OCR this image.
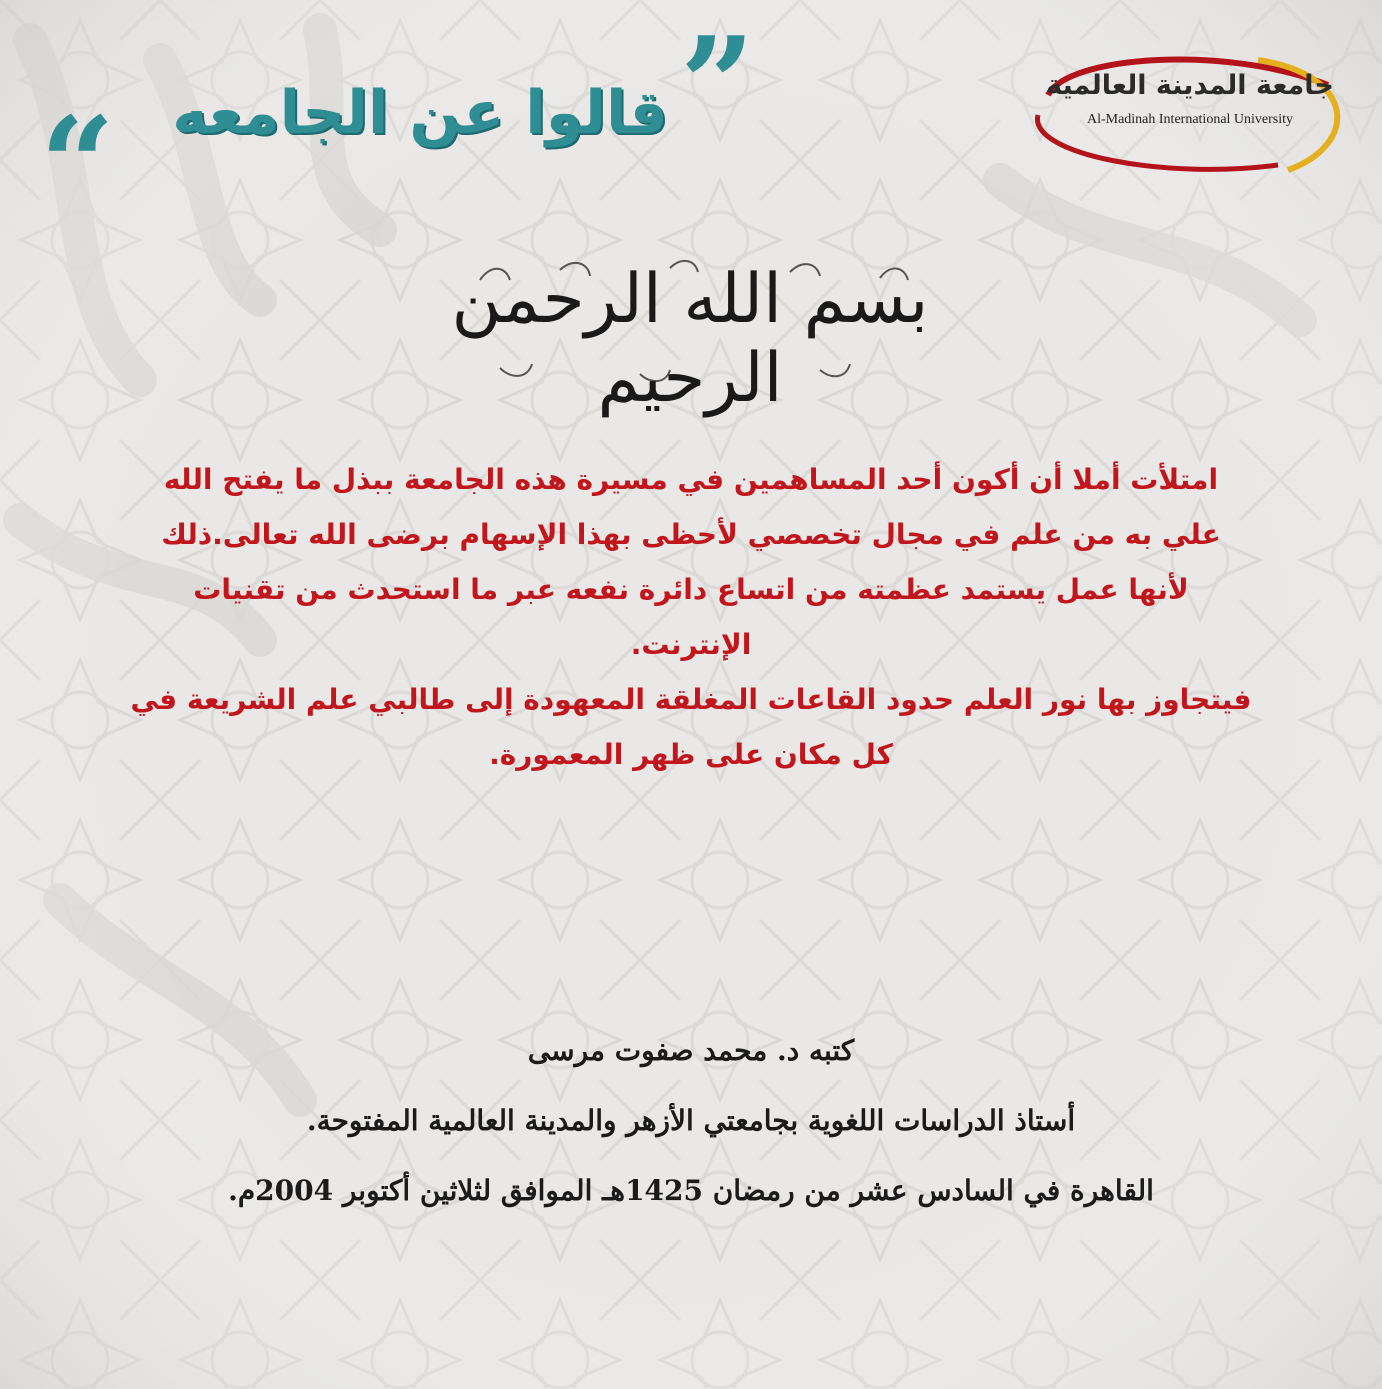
”
قالوا عن الجامعه
“
جامعة المدينة العالمية
Al-Madinah International University
بسم الله الرحمن الرحيم

امتلأت أملا أن أكون أحد المساهمين في مسيرة هذه الجامعة ببذل ما يفتح الله

علي به من علم في مجال تخصصي لأحظى بهذا الإسهام برضى الله تعالى.ذلك

لأنها عمل يستمد عظمته من اتساع دائرة نفعه عبر ما استحدث من تقنيات

الإنترنت.

فيتجاوز بها نور العلم حدود القاعات المغلقة المعهودة إلى طالبي علم الشريعة في

كل مكان على ظهر المعمورة.

كتبه د. محمد صفوت مرسى

أستاذ الدراسات اللغوية بجامعتي الأزهر والمدينة العالمية المفتوحة.

القاهرة في السادس عشر من رمضان 1425هـ الموافق لثلاثين أكتوبر 2004م.
